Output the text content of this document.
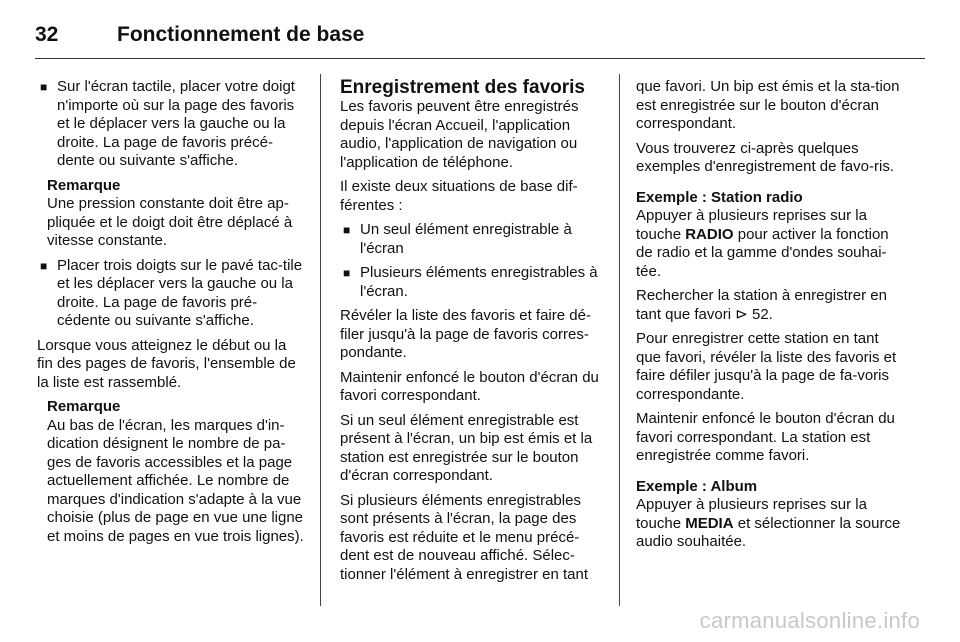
32	Fonctionnement de base

■ Sur l'écran tactile, placer votre doigt n'importe où sur la page des favoris et le déplacer vers la gauche ou la droite. La page de favoris précé-dente ou suivante s'affiche.

Remarque

Une pression constante doit être ap-pliquée et le doigt doit être déplacé à vitesse constante.

■ Placer trois doigts sur le pavé tac-tile et les déplacer vers la gauche ou la droite. La page de favoris pré-cédente ou suivante s'affiche.

Lorsque vous atteignez le début ou la fin des pages de favoris, l'ensemble de la liste est rassemblé.

Remarque

Au bas de l'écran, les marques d'in-dication désignent le nombre de pa-ges de favoris accessibles et la page actuellement affichée. Le nombre de marques d'indication s'adapte à la vue choisie (plus de page en vue une ligne et moins de pages en vue trois lignes).

Enregistrement des favoris

Les favoris peuvent être enregistrés depuis l'écran Accueil, l'application audio, l'application de navigation ou l'application de téléphone.

Il existe deux situations de base dif-férentes :

■ Un seul élément enregistrable à l'écran

■ Plusieurs éléments enregistrables à l'écran.

Révéler la liste des favoris et faire dé-filer jusqu'à la page de favoris corres-pondante.

Maintenir enfoncé le bouton d'écran du favori correspondant.

Si un seul élément enregistrable est présent à l'écran, un bip est émis et la station est enregistrée sur le bouton d'écran correspondant.

Si plusieurs éléments enregistrables sont présents à l'écran, la page des favoris est réduite et le menu précé-dent est de nouveau affiché. Sélec-tionner l'élément à enregistrer en tant

que favori. Un bip est émis et la sta-tion est enregistrée sur le bouton d'écran correspondant.

Vous trouverez ci-après quelques exemples d'enregistrement de favo-ris.

Exemple : Station radio

Appuyer à plusieurs reprises sur la touche RADIO pour activer la fonction de radio et la gamme d'ondes souhai-tée.

Rechercher la station à enregistrer en tant que favori ⊳ 52.

Pour enregistrer cette station en tant que favori, révéler la liste des favoris et faire défiler jusqu'à la page de fa-voris correspondante.

Maintenir enfoncé le bouton d'écran du favori correspondant. La station est enregistrée comme favori.

Exemple : Album

Appuyer à plusieurs reprises sur la touche MEDIA et sélectionner la source audio souhaitée.

carmanualsonline.info
